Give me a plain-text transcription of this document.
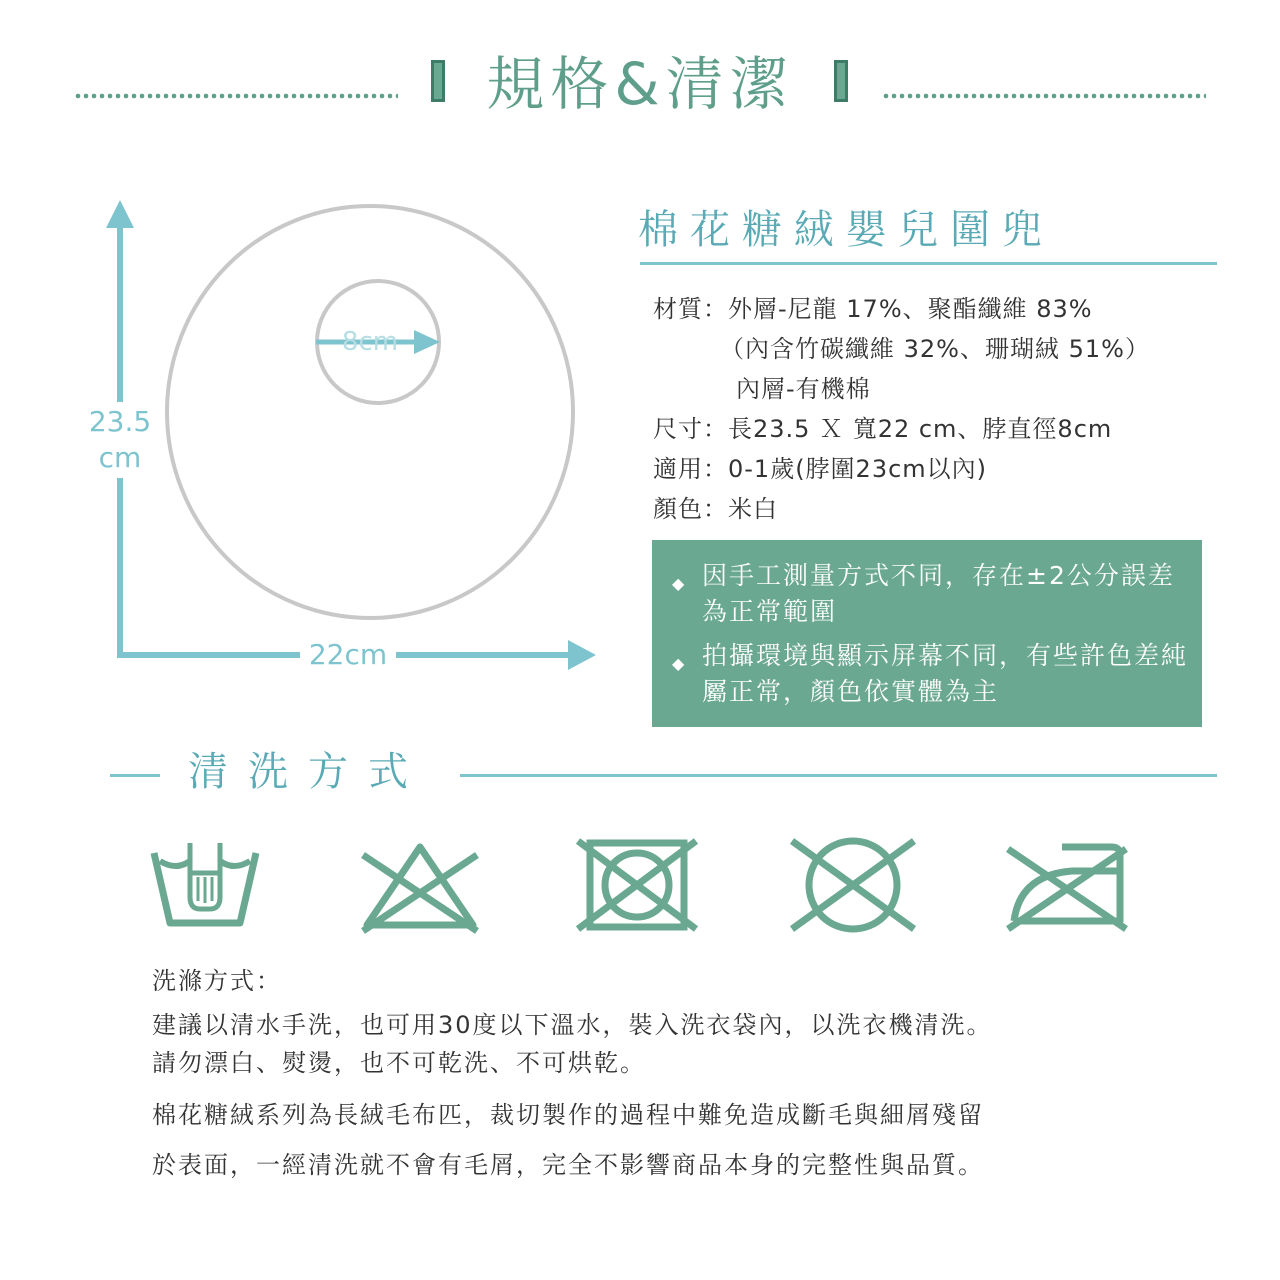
規格&清潔
8cm
23.5
cm
22cm
棉花糖絨嬰兒圍兜
材質：外層-尼龍 17%、聚酯纖維 83%
（內含竹碳纖維 32%、珊瑚絨 51%）
內層-有機棉
尺寸：長23.5 Ｘ 寬22 cm、脖直徑8cm
適用：0-1歲(脖圍23cm以內)
顏色：米白
◆ 因手工測量方式不同，存在±2公分誤差為正常範圍
◆ 拍攝環境與顯示屏幕不同，有些許色差純屬正常，顏色依實體為主
清洗方式
洗滌方式：
建議以清水手洗，也可用30度以下溫水，裝入洗衣袋內，以洗衣機清洗。
請勿漂白、熨燙，也不可乾洗、不可烘乾。
棉花糖絨系列為長絨毛布匹，裁切製作的過程中難免造成斷毛與細屑殘留
於表面，一經清洗就不會有毛屑，完全不影響商品本身的完整性與品質。
